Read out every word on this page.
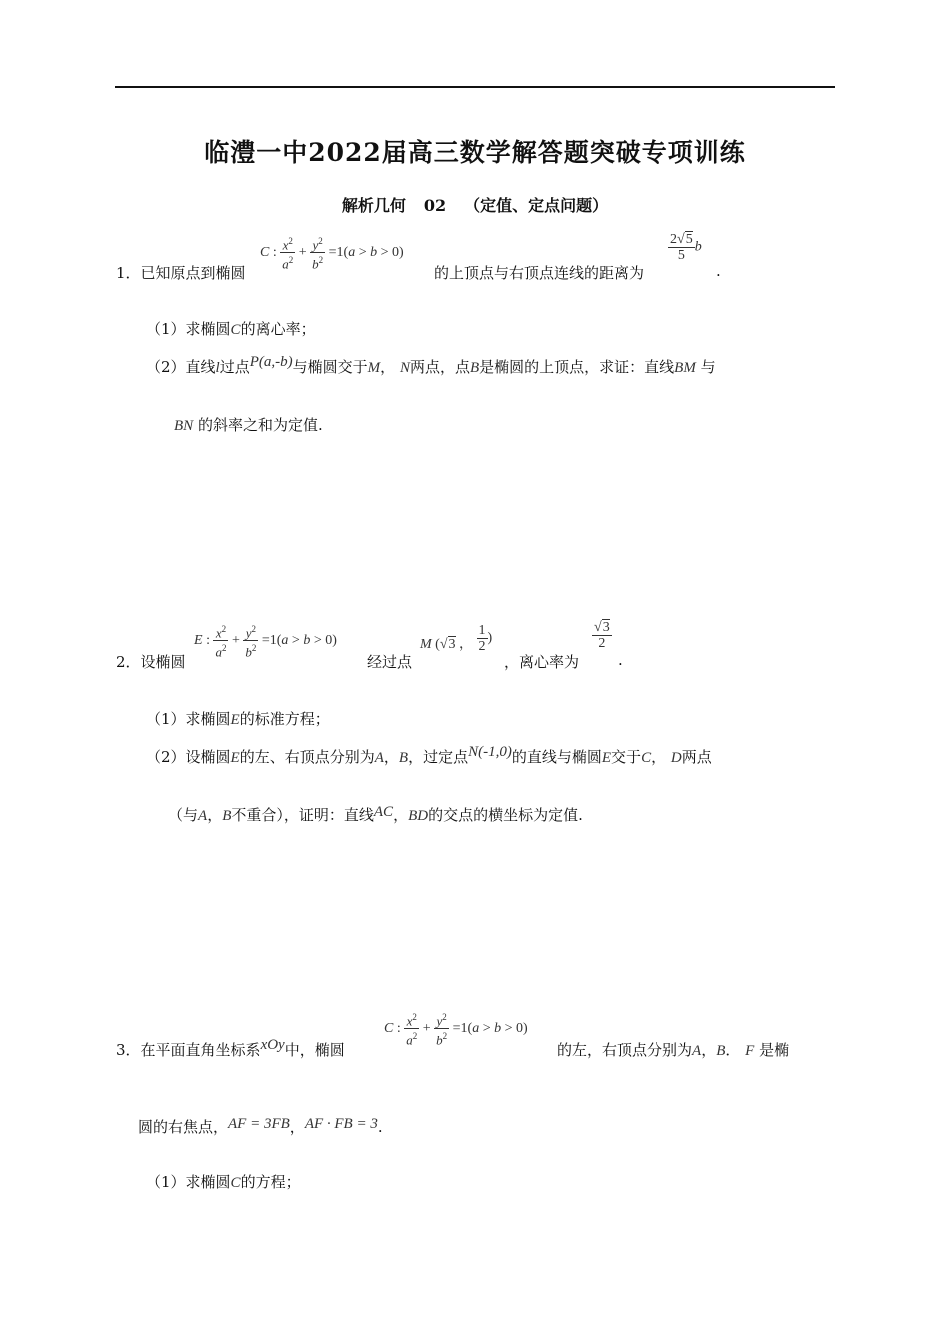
临澧一中2022届高三数学解答题突破专项训练
解析几何 02 （定值、定点问题）
1．已知原点到椭圆
C : $\frac{x^2}{a^2} + \frac{y^2}{b^2} =1(a > b > 0)$
的上顶点与右顶点连线的距离为
$\frac{2√5}{5}$ b
.
（1）求椭圆C的离心率；
（2）直线l过点P(a,-b)与椭圆交于M， N两点，点B是椭圆的上顶点，求证：直线BM 与
BN 的斜率之和为定值.
2．设椭圆
E : $\frac{x^2}{a^2} + \frac{y^2}{b^2} =1(a > b > 0)$
经过点
M (√3 ， $\frac{1}{2}$ )
，离心率为
$\frac{√3}{2}$
.
（1）求椭圆E的标准方程；
（2）设椭圆E的左、右顶点分别为A，B，过定点N(-1,0)的直线与椭圆E交于C， D两点
（与A，B不重合），证明：直线AC，BD的交点的横坐标为定值.
3．在平面直角坐标系xOy中，椭圆
C : $\frac{x^2}{a^2} + \frac{y^2}{b^2} =1(a > b > 0)$
的左，右顶点分别为A，B． F 是椭
圆的右焦点，AF = 3FB，AF · FB = 3.
（1）求椭圆C的方程；
